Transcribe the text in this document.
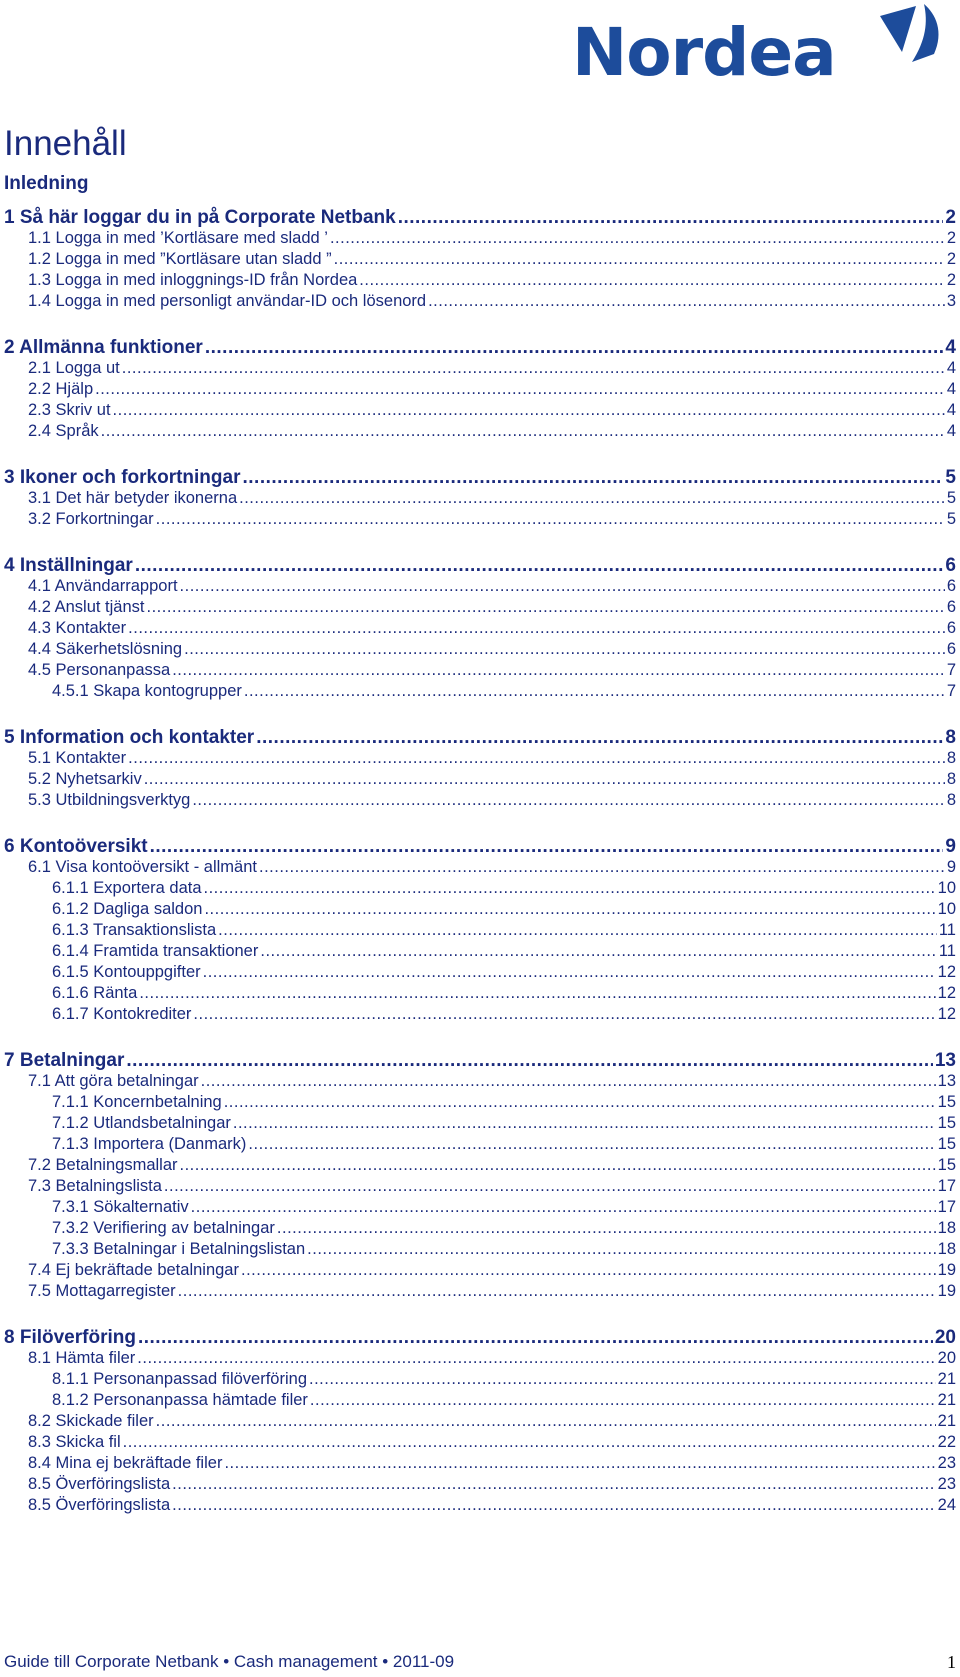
Nordea
Innehåll
Inledning
1 Så här loggar du in på Corporate Netbank .....	2
1.1 Logga in med ’Kortläsare med sladd ’ .....	2
1.2 Logga in med ”Kortläsare utan sladd ” .....	2
1.3 Logga in med inloggnings-ID från Nordea .....	2
1.4 Logga in med personligt användar-ID och lösenord .....	3
2 Allmänna funktioner .....	4
2.1 Logga ut .....	4
2.2 Hjälp .....	4
2.3 Skriv ut .....	4
2.4 Språk .....	4
3 Ikoner och forkortningar .....	5
3.1 Det här betyder ikonerna .....	5
3.2 Forkortningar .....	5
4 Inställningar .....	6
4.1 Användarrapport .....	6
4.2 Anslut tjänst .....	6
4.3 Kontakter .....	6
4.4 Säkerhetslösning .....	6
4.5 Personanpassa .....	7
4.5.1 Skapa kontogrupper .....	7
5 Information och kontakter .....	8
5.1 Kontakter .....	8
5.2 Nyhetsarkiv .....	8
5.3 Utbildningsverktyg .....	8
6 Kontoöversikt .....	9
6.1 Visa kontoöversikt - allmänt .....	9
6.1.1 Exportera data .....	10
6.1.2 Dagliga saldon .....	10
6.1.3 Transaktionslista .....	11
6.1.4 Framtida transaktioner .....	11
6.1.5 Kontouppgifter .....	12
6.1.6 Ränta .....	12
6.1.7 Kontokrediter .....	12
7 Betalningar .....	13
7.1 Att göra betalningar .....	13
7.1.1 Koncernbetalning .....	15
7.1.2 Utlandsbetalningar .....	15
7.1.3 Importera (Danmark) .....	15
7.2 Betalningsmallar .....	15
7.3 Betalningslista .....	17
7.3.1 Sökalternativ .....	17
7.3.2 Verifiering av betalningar .....	18
7.3.3 Betalningar i Betalningslistan .....	18
7.4 Ej bekräftade betalningar .....	19
7.5 Mottagarregister .....	19
8 Filöverföring .....	20
8.1 Hämta filer .....	20
8.1.1 Personanpassad filöverföring .....	21
8.1.2 Personanpassa hämtade filer .....	21
8.2 Skickade filer .....	21
8.3 Skicka fil .....	22
8.4 Mina ej bekräftade filer .....	23
8.5 Överföringslista .....	23
8.5 Överföringslista .....	24
Guide till Corporate Netbank • Cash management • 2011-09	1
